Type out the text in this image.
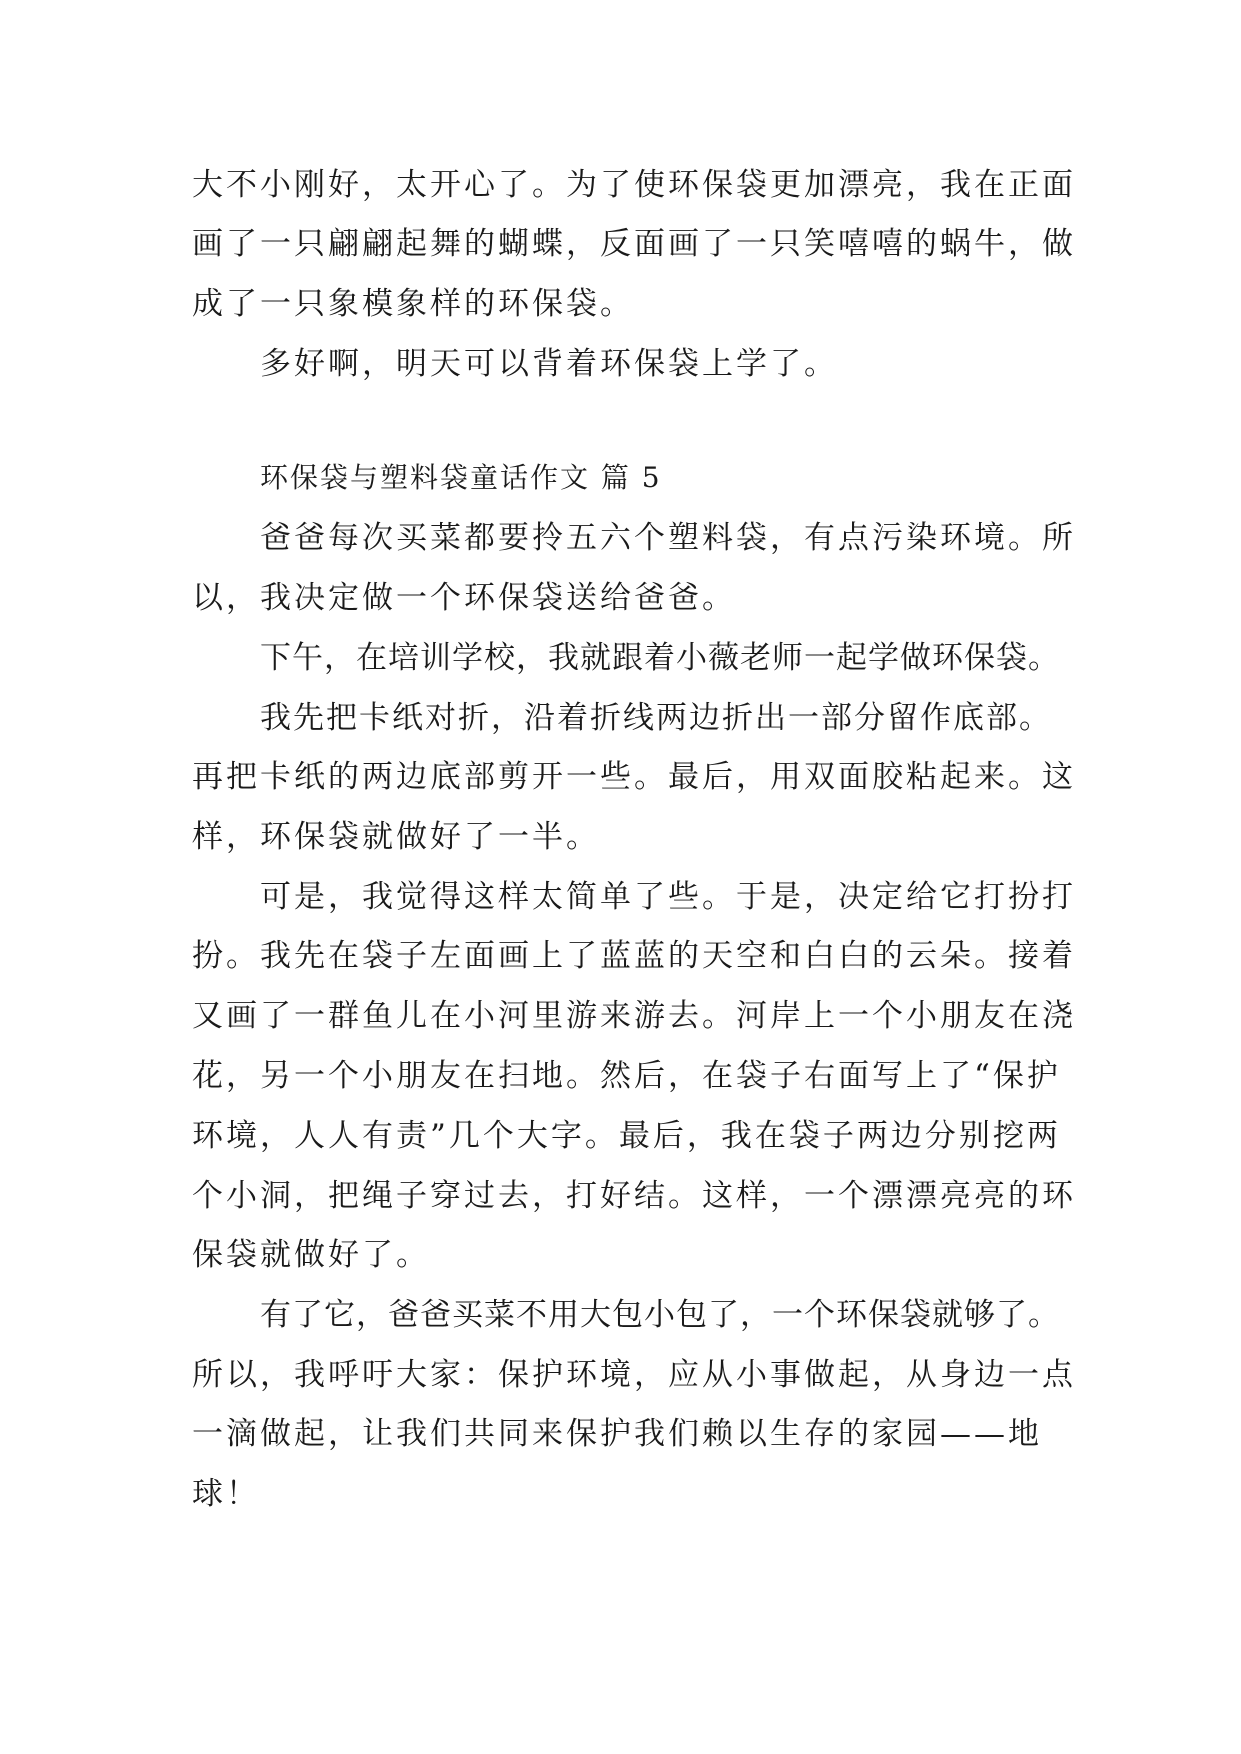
大不小刚好，太开心了。为了使环保袋更加漂亮，我在正面
画了一只翩翩起舞的蝴蝶，反面画了一只笑嘻嘻的蜗牛，做
成了一只象模象样的环保袋。
多好啊，明天可以背着环保袋上学了。
环保袋与塑料袋童话作文 篇 5
爸爸每次买菜都要拎五六个塑料袋，有点污染环境。所
以，我决定做一个环保袋送给爸爸。
下午，在培训学校，我就跟着小薇老师一起学做环保袋。
我先把卡纸对折，沿着折线两边折出一部分留作底部。
再把卡纸的两边底部剪开一些。最后，用双面胶粘起来。这
样，环保袋就做好了一半。
可是，我觉得这样太简单了些。于是，决定给它打扮打
扮。我先在袋子左面画上了蓝蓝的天空和白白的云朵。接着
又画了一群鱼儿在小河里游来游去。河岸上一个小朋友在浇
花，另一个小朋友在扫地。然后，在袋子右面写上了“保护
环境，人人有责”几个大字。最后，我在袋子两边分别挖两
个小洞，把绳子穿过去，打好结。这样，一个漂漂亮亮的环
保袋就做好了。
有了它，爸爸买菜不用大包小包了，一个环保袋就够了。
所以，我呼吁大家：保护环境，应从小事做起，从身边一点
一滴做起，让我们共同来保护我们赖以生存的家园——地
球！
